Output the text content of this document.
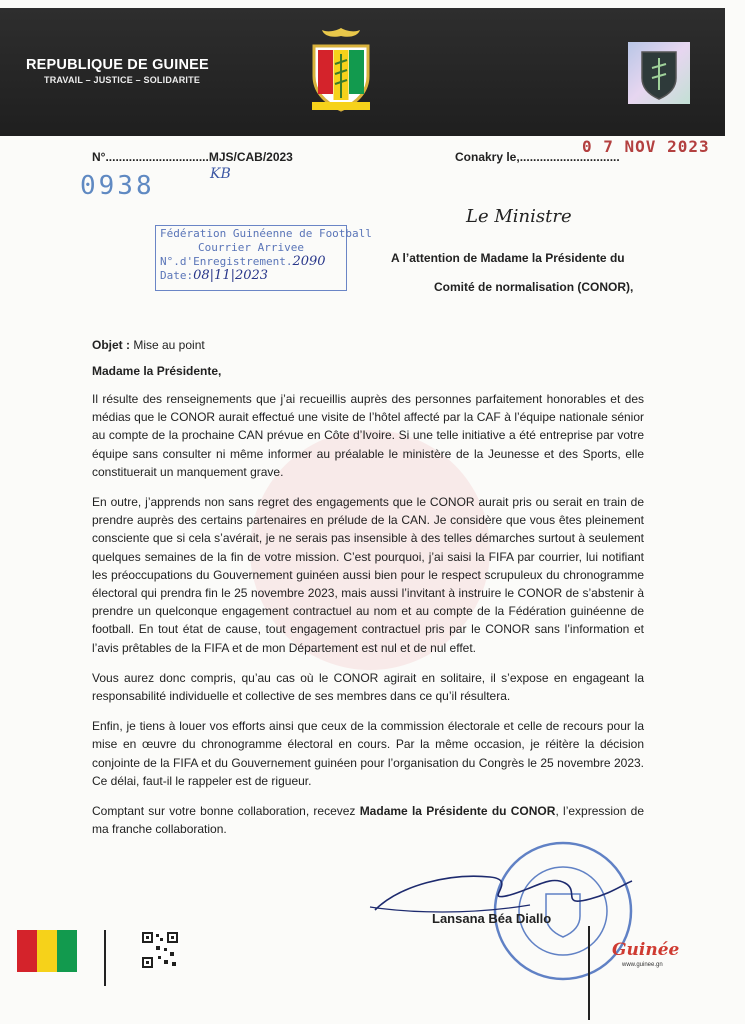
REPUBLIQUE DE GUINEE
TRAVAIL – JUSTICE – SOLIDARITE
N°...............................MJS/CAB/2023	Conakry le,..............................
0 7 NOV 2023
0938	KB
Fédération Guinéenne de Football
Courrier Arrivee
N°.d'Enregistrement.2090
Date:08|11|2023
Le Ministre
A l’attention de Madame la Présidente du
Comité de normalisation (CONOR),
Objet : Mise au point
Madame la Présidente,

Il résulte des renseignements que j’ai recueillis auprès des personnes parfaitement honorables et des médias que le CONOR aurait effectué une visite de l’hôtel affecté par la CAF à l’équipe nationale sénior au compte de la prochaine CAN prévue en Côte d’Ivoire. Si une telle initiative a été entreprise par votre équipe sans consulter ni même informer au préalable le ministère de la Jeunesse et des Sports, elle constituerait un manquement grave.

En outre, j’apprends non sans regret des engagements que le CONOR aurait pris ou serait en train de prendre auprès des certains partenaires en prélude de la CAN. Je considère que vous êtes pleinement consciente que si cela s’avérait, je ne serais pas insensible à des telles démarches surtout à seulement quelques semaines de la fin de votre mission. C’est pourquoi, j’ai saisi la FIFA par courrier, lui notifiant les préoccupations du Gouvernement guinéen aussi bien pour le respect scrupuleux du chronogramme électoral qui prendra fin le 25 novembre 2023, mais aussi l’invitant à instruire le CONOR de s’abstenir à prendre un quelconque engagement contractuel au nom et au compte de la Fédération guinéenne de football. En tout état de cause, tout engagement contractuel pris par le CONOR sans l’information et l’avis prêtables de la FIFA et de mon Département est nul et de nul effet.

Vous aurez donc compris, qu’au cas où le CONOR agirait en solitaire, il s’expose en engageant la responsabilité individuelle et collective de ses membres dans ce qu’il résultera.

Enfin, je tiens à louer vos efforts ainsi que ceux de la commission électorale et celle de recours pour la mise en œuvre du chronogramme électoral en cours. Par la même occasion, je réitère la décision conjointe de la FIFA et du Gouvernement guinéen pour l’organisation du Congrès le 25 novembre 2023. Ce délai, faut-il le rappeler est de rigueur.

Comptant sur votre bonne collaboration, recevez Madame la Présidente du CONOR, l’expression de ma franche collaboration.

Lansana Béa Diallo
Guinée
www.guinee.gn
